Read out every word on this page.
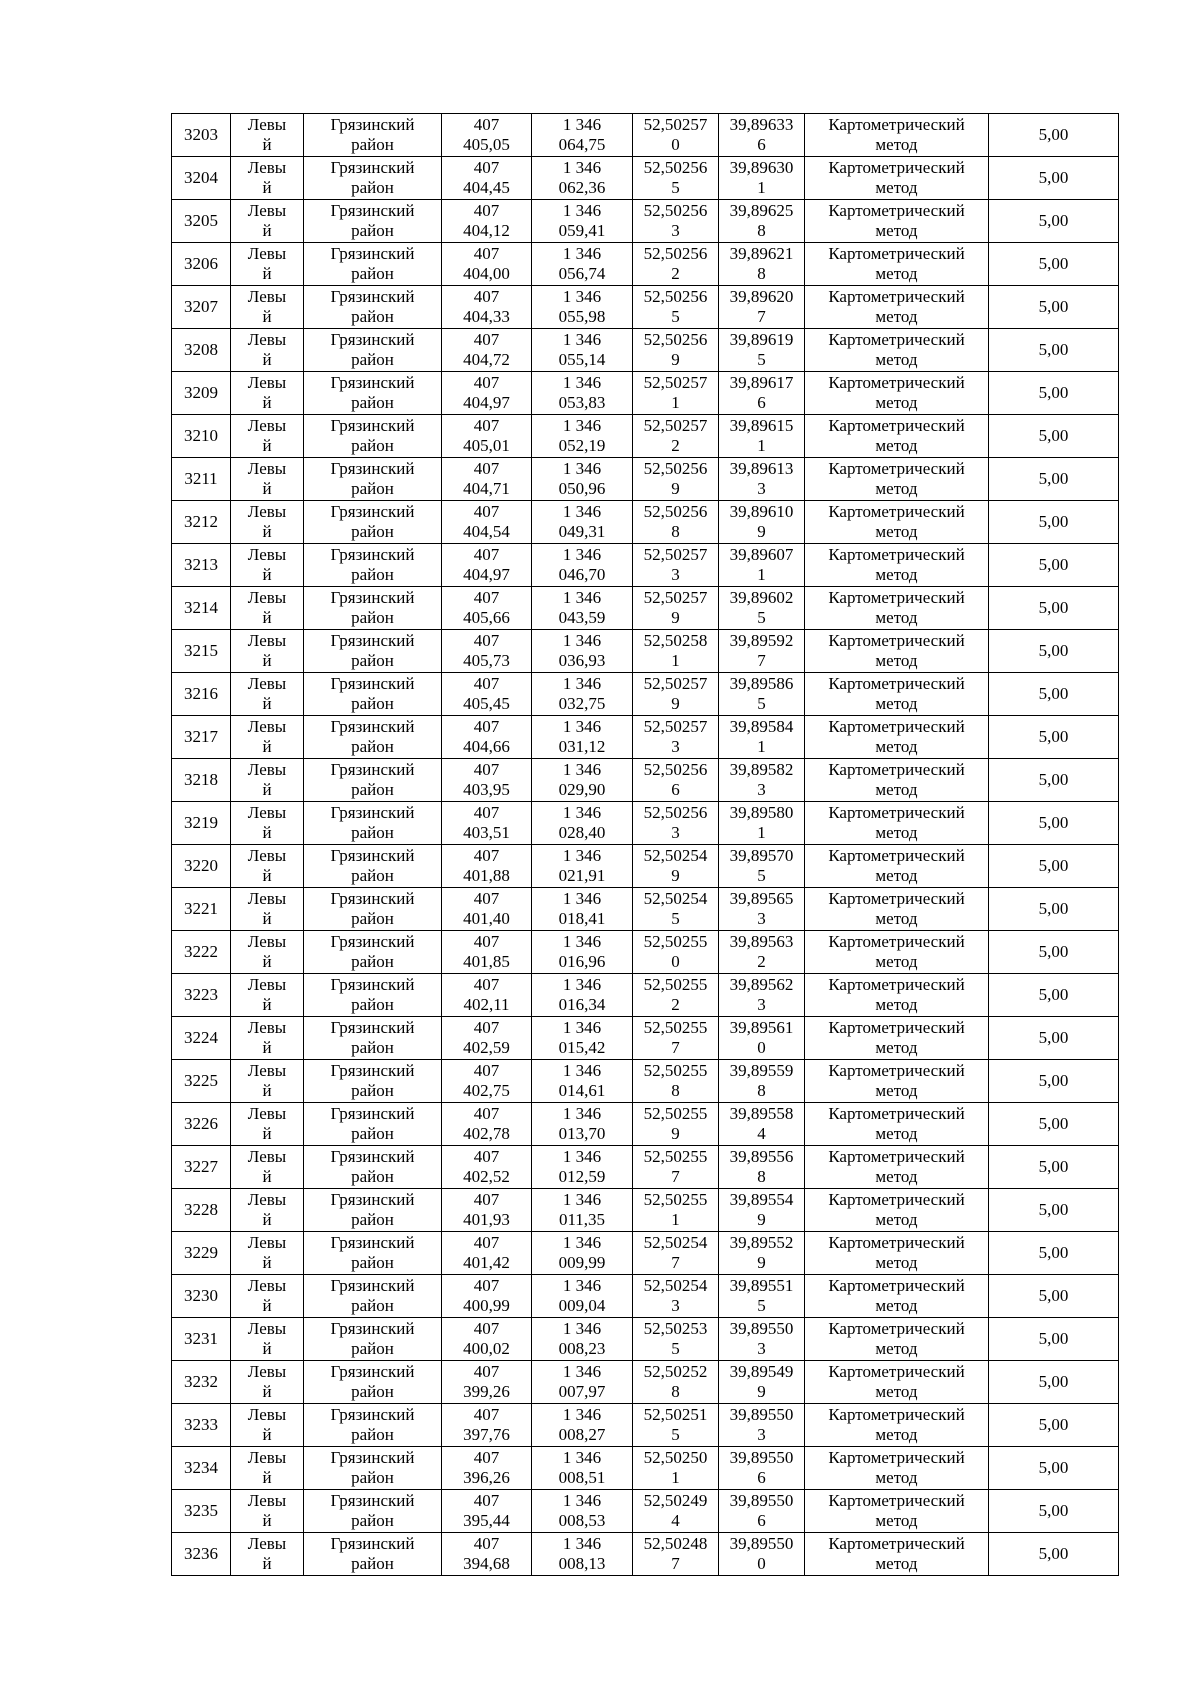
3203	Левый	Грязинский район	407 405,05	1 346 064,75	52,502570	39,896336	Картометрический метод	5,00

3204	Левый	Грязинский район	407 404,45	1 346 062,36	52,502565	39,896301	Картометрический метод	5,00

3205	Левый	Грязинский район	407 404,12	1 346 059,41	52,502563	39,896258	Картометрический метод	5,00

3206	Левый	Грязинский район	407 404,00	1 346 056,74	52,502562	39,896218	Картометрический метод	5,00

3207	Левый	Грязинский район	407 404,33	1 346 055,98	52,502565	39,896207	Картометрический метод	5,00

3208	Левый	Грязинский район	407 404,72	1 346 055,14	52,502569	39,896195	Картометрический метод	5,00

3209	Левый	Грязинский район	407 404,97	1 346 053,83	52,502571	39,896176	Картометрический метод	5,00

3210	Левый	Грязинский район	407 405,01	1 346 052,19	52,502572	39,896151	Картометрический метод	5,00

3211	Левый	Грязинский район	407 404,71	1 346 050,96	52,502569	39,896133	Картометрический метод	5,00

3212	Левый	Грязинский район	407 404,54	1 346 049,31	52,502568	39,896109	Картометрический метод	5,00

3213	Левый	Грязинский район	407 404,97	1 346 046,70	52,502573	39,896071	Картометрический метод	5,00

3214	Левый	Грязинский район	407 405,66	1 346 043,59	52,502579	39,896025	Картометрический метод	5,00

3215	Левый	Грязинский район	407 405,73	1 346 036,93	52,502581	39,895927	Картометрический метод	5,00

3216	Левый	Грязинский район	407 405,45	1 346 032,75	52,502579	39,895865	Картометрический метод	5,00

3217	Левый	Грязинский район	407 404,66	1 346 031,12	52,502573	39,895841	Картометрический метод	5,00

3218	Левый	Грязинский район	407 403,95	1 346 029,90	52,502566	39,895823	Картометрический метод	5,00

3219	Левый	Грязинский район	407 403,51	1 346 028,40	52,502563	39,895801	Картометрический метод	5,00

3220	Левый	Грязинский район	407 401,88	1 346 021,91	52,502549	39,895705	Картометрический метод	5,00

3221	Левый	Грязинский район	407 401,40	1 346 018,41	52,502545	39,895653	Картометрический метод	5,00

3222	Левый	Грязинский район	407 401,85	1 346 016,96	52,502550	39,895632	Картометрический метод	5,00

3223	Левый	Грязинский район	407 402,11	1 346 016,34	52,502552	39,895623	Картометрический метод	5,00

3224	Левый	Грязинский район	407 402,59	1 346 015,42	52,502557	39,895610	Картометрический метод	5,00

3225	Левый	Грязинский район	407 402,75	1 346 014,61	52,502558	39,895598	Картометрический метод	5,00

3226	Левый	Грязинский район	407 402,78	1 346 013,70	52,502559	39,895584	Картометрический метод	5,00

3227	Левый	Грязинский район	407 402,52	1 346 012,59	52,502557	39,895568	Картометрический метод	5,00

3228	Левый	Грязинский район	407 401,93	1 346 011,35	52,502551	39,895549	Картометрический метод	5,00

3229	Левый	Грязинский район	407 401,42	1 346 009,99	52,502547	39,895529	Картометрический метод	5,00

3230	Левый	Грязинский район	407 400,99	1 346 009,04	52,502543	39,895515	Картометрический метод	5,00

3231	Левый	Грязинский район	407 400,02	1 346 008,23	52,502535	39,895503	Картометрический метод	5,00

3232	Левый	Грязинский район	407 399,26	1 346 007,97	52,502528	39,895499	Картометрический метод	5,00

3233	Левый	Грязинский район	407 397,76	1 346 008,27	52,502515	39,895503	Картометрический метод	5,00

3234	Левый	Грязинский район	407 396,26	1 346 008,51	52,502501	39,895506	Картометрический метод	5,00

3235	Левый	Грязинский район	407 395,44	1 346 008,53	52,502494	39,895506	Картометрический метод	5,00

3236	Левый	Грязинский район	407 394,68	1 346 008,13	52,502487	39,895500	Картометрический метод	5,00
